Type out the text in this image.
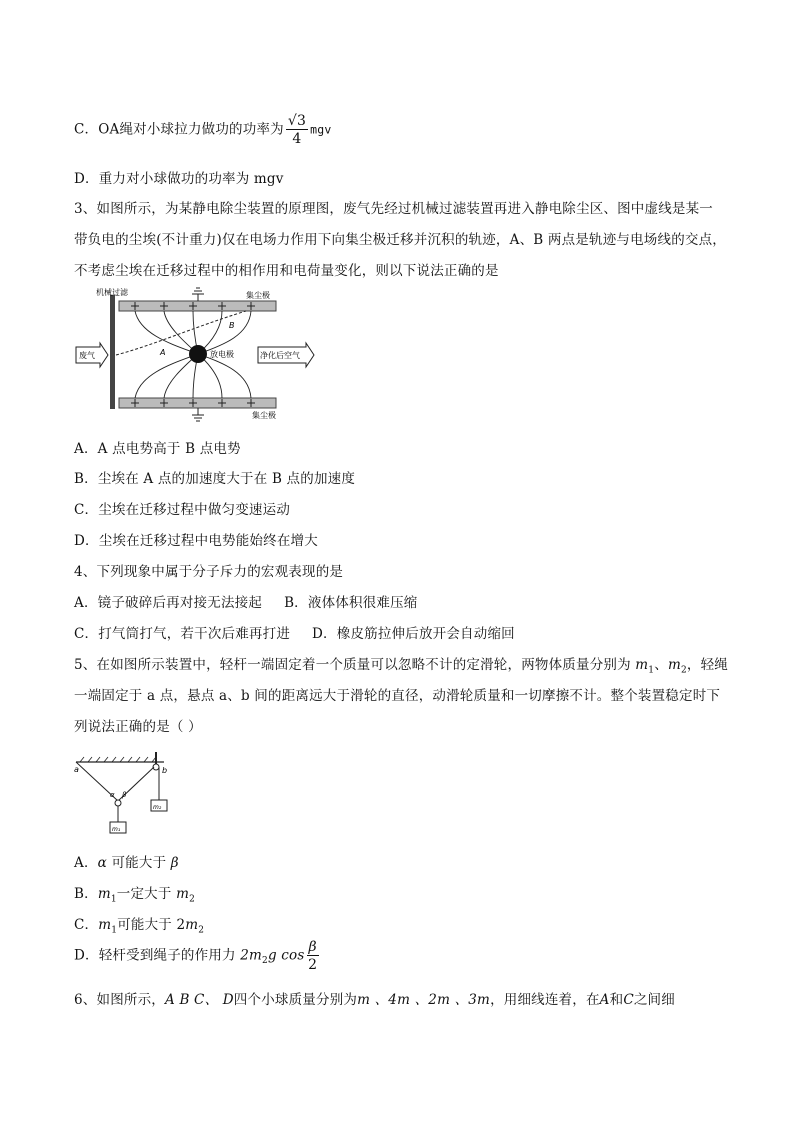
C．OA绳对小球拉力做功的功率为 $\frac{√3}{4}$ mgv
D．重力对小球做功的功率为 mgv
3、如图所示，为某静电除尘装置的原理图，废气先经过机械过滤装置再进入静电除尘区、图中虚线是某一
带负电的尘埃(不计重力)仅在电场力作用下向集尘极迁移并沉积的轨迹，A、B 两点是轨迹与电场线的交点，
不考虑尘埃在迁移过程中的相作用和电荷量变化，则以下说法正确的是
机械过滤	集尘极
集尘极
放电极
A
B
废气	净化后空气
A．A 点电势高于 B 点电势
B．尘埃在 A 点的加速度大于在 B 点的加速度
C．尘埃在迁移过程中做匀变速运动
D．尘埃在迁移过程中电势能始终在增大
4、下列现象中属于分子斥力的宏观表现的是
A．镜子破碎后再对接无法接起 B．液体体积很难压缩
C．打气筒打气，若干次后难再打进 D．橡皮筋拉伸后放开会自动缩回
5、在如图所示装置中，轻杆一端固定着一个质量可以忽略不计的定滑轮，两物体质量分别为 $m_1$、$m_2$，轻绳
一端固定于 a 点，悬点 a、b 间的距离远大于滑轮的直径，动滑轮质量和一切摩擦不计。整个装置稳定时下
列说法正确的是（ ）
a	b
α β
m₂
m₁
A．α 可能大于 β
B．$m_1$一定大于 $m_2$
C．$m_1$可能大于 $2m_2$
D．轻杆受到绳子的作用力 $2m_2g$ $\cos \frac{\beta}{2}$
6、如图所示，A B C、 D四个小球质量分别为m 、4m 、2m 、3m，用细线连着，在A和C之间细
